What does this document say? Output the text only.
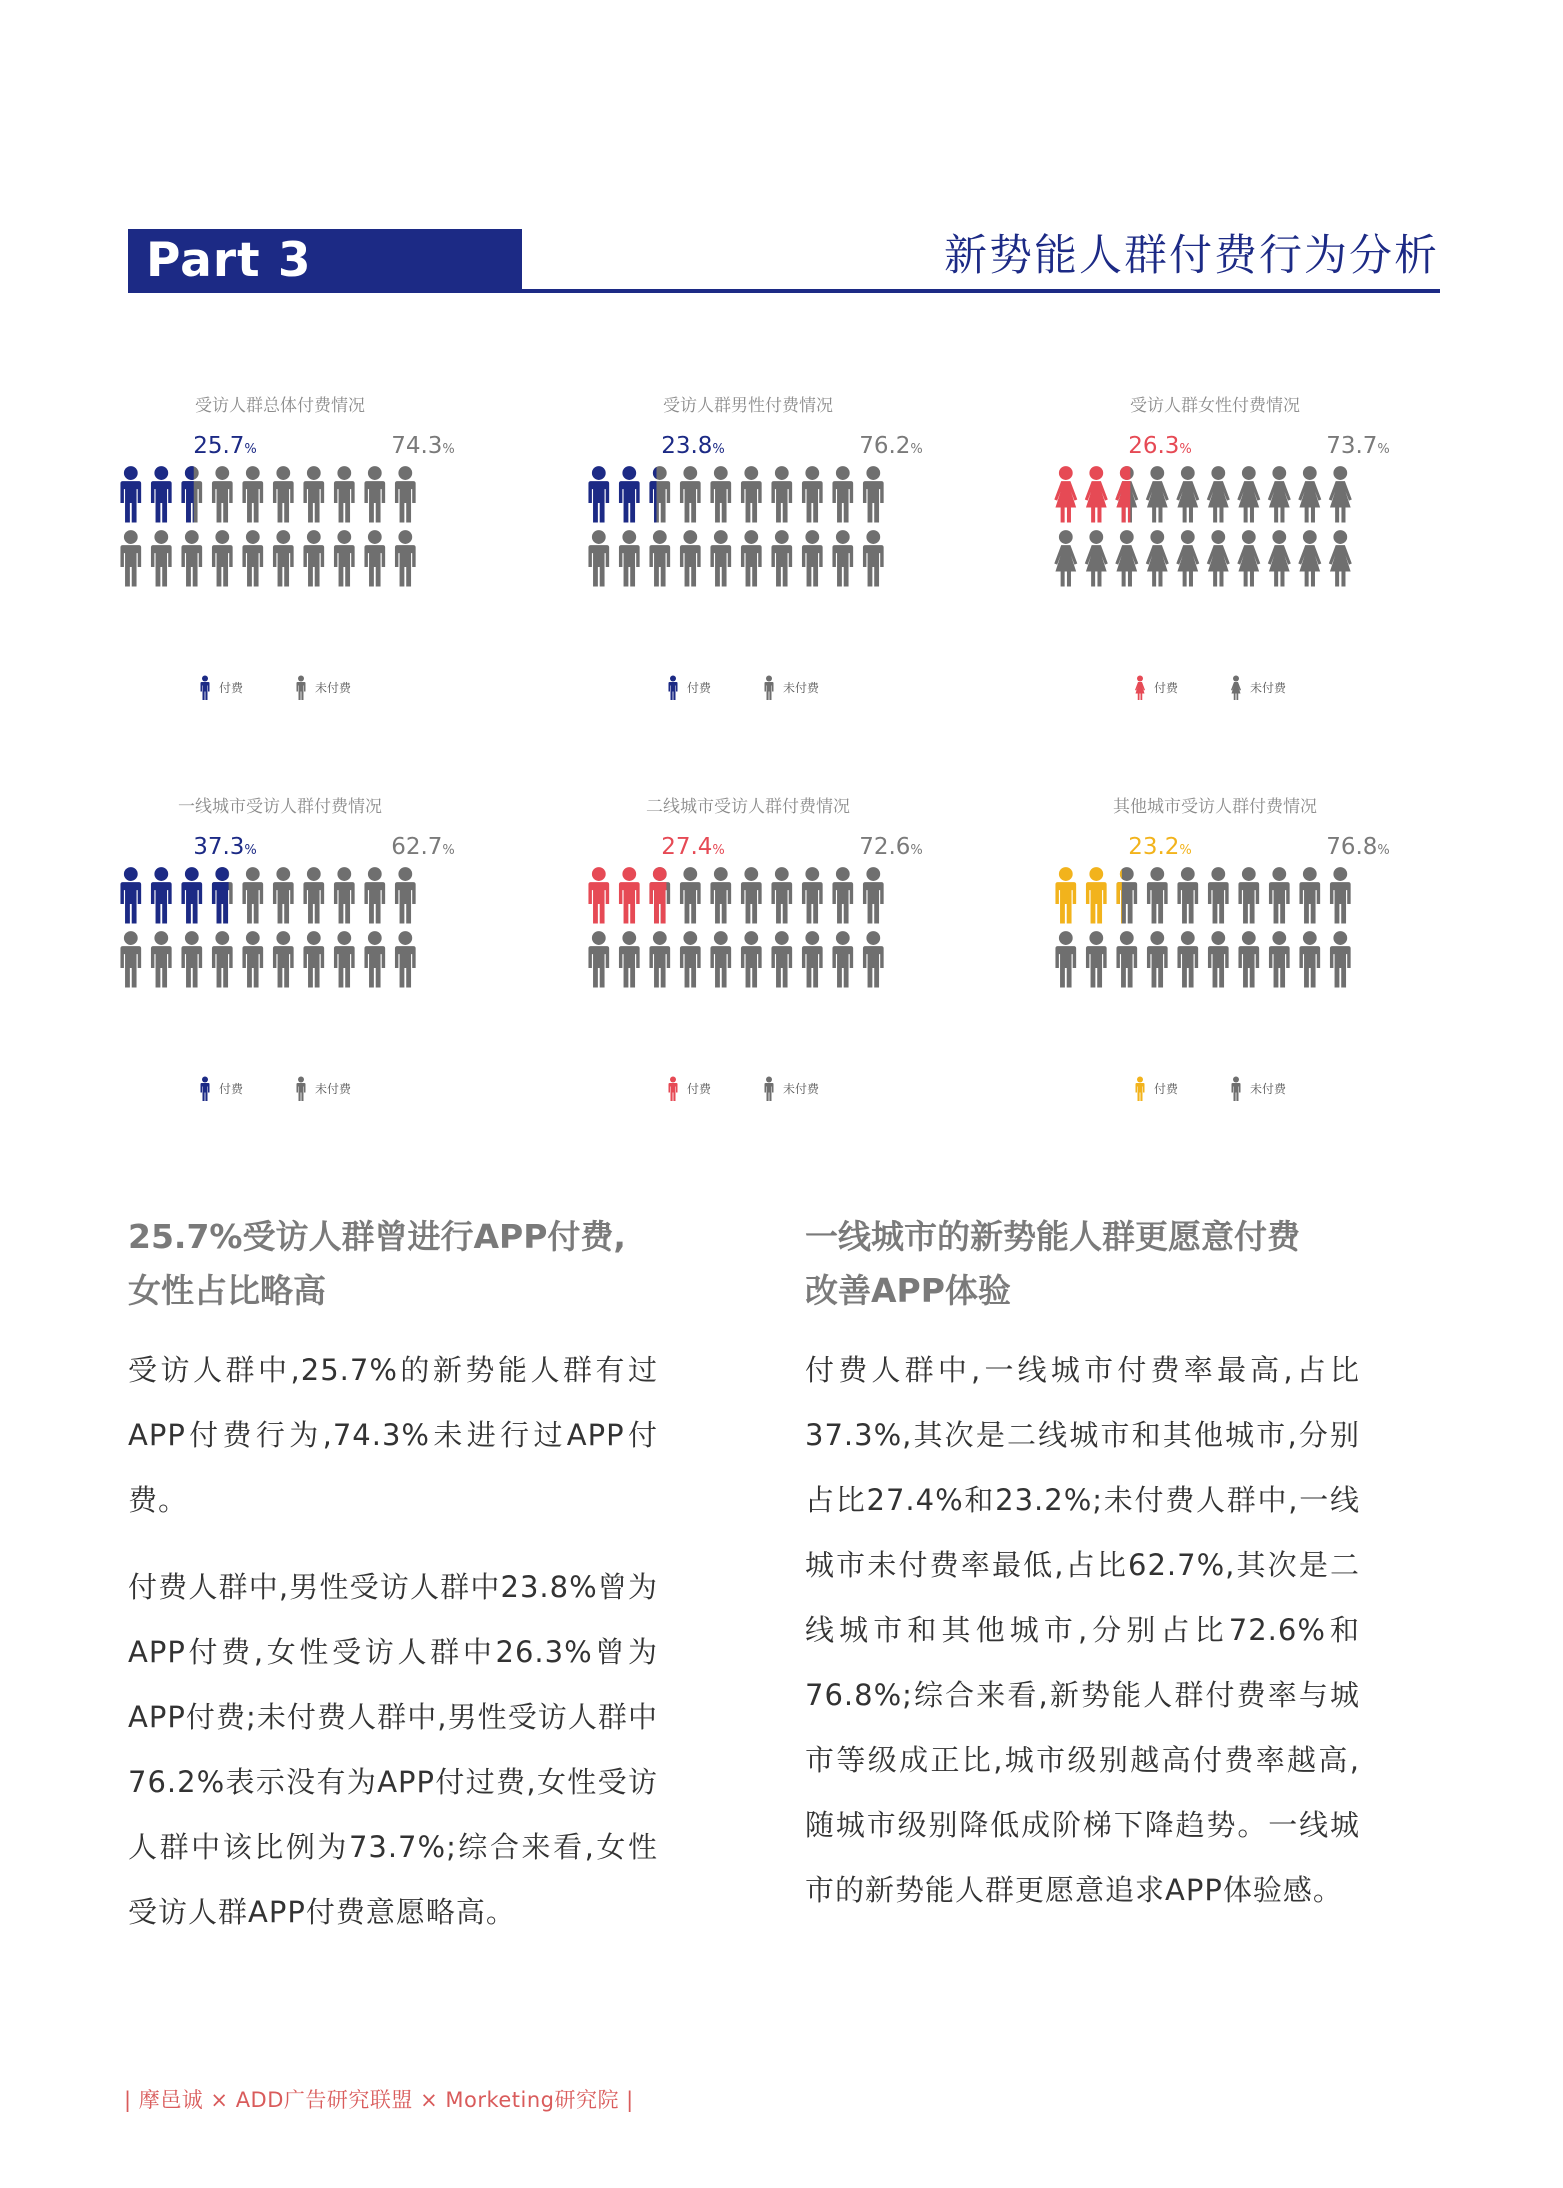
Part 3	新势能人群付费行为分析
受访人群总体付费情况
25.7%	74.3%
付费	未付费
受访人群男性付费情况
23.8%	76.2%
付费	未付费
受访人群女性付费情况
26.3%	73.7%
付费	未付费
一线城市受访人群付费情况
37.3%	62.7%
付费	未付费
二线城市受访人群付费情况
27.4%	72.6%
付费	未付费
其他城市受访人群付费情况
23.2%	76.8%
付费	未付费
25.7%受访人群曾进行APP付费,
女性占比略高

受访人群中,25.7%的新势能人群有过APP付费行为,74.3%未进行过APP付费。

付费人群中,男性受访人群中23.8%曾为APP付费,女性受访人群中26.3%曾为APP付费;未付费人群中,男性受访人群中76.2%表示没有为APP付过费,女性受访人群中该比例为73.7%;综合来看,女性受访人群APP付费意愿略高。

一线城市的新势能人群更愿意付费
改善APP体验

付费人群中,一线城市付费率最高,占比37.3%,其次是二线城市和其他城市,分别占比27.4%和23.2%;未付费人群中,一线城市未付费率最低,占比62.7%,其次是二线城市和其他城市,分别占比72.6%和76.8%;综合来看,新势能人群付费率与城市等级成正比,城市级别越高付费率越高,随城市级别降低成阶梯下降趋势。一线城市的新势能人群更愿意追求APP体验感。

| 摩邑诚 × ADD广告研究联盟 × Morketing研究院 |
